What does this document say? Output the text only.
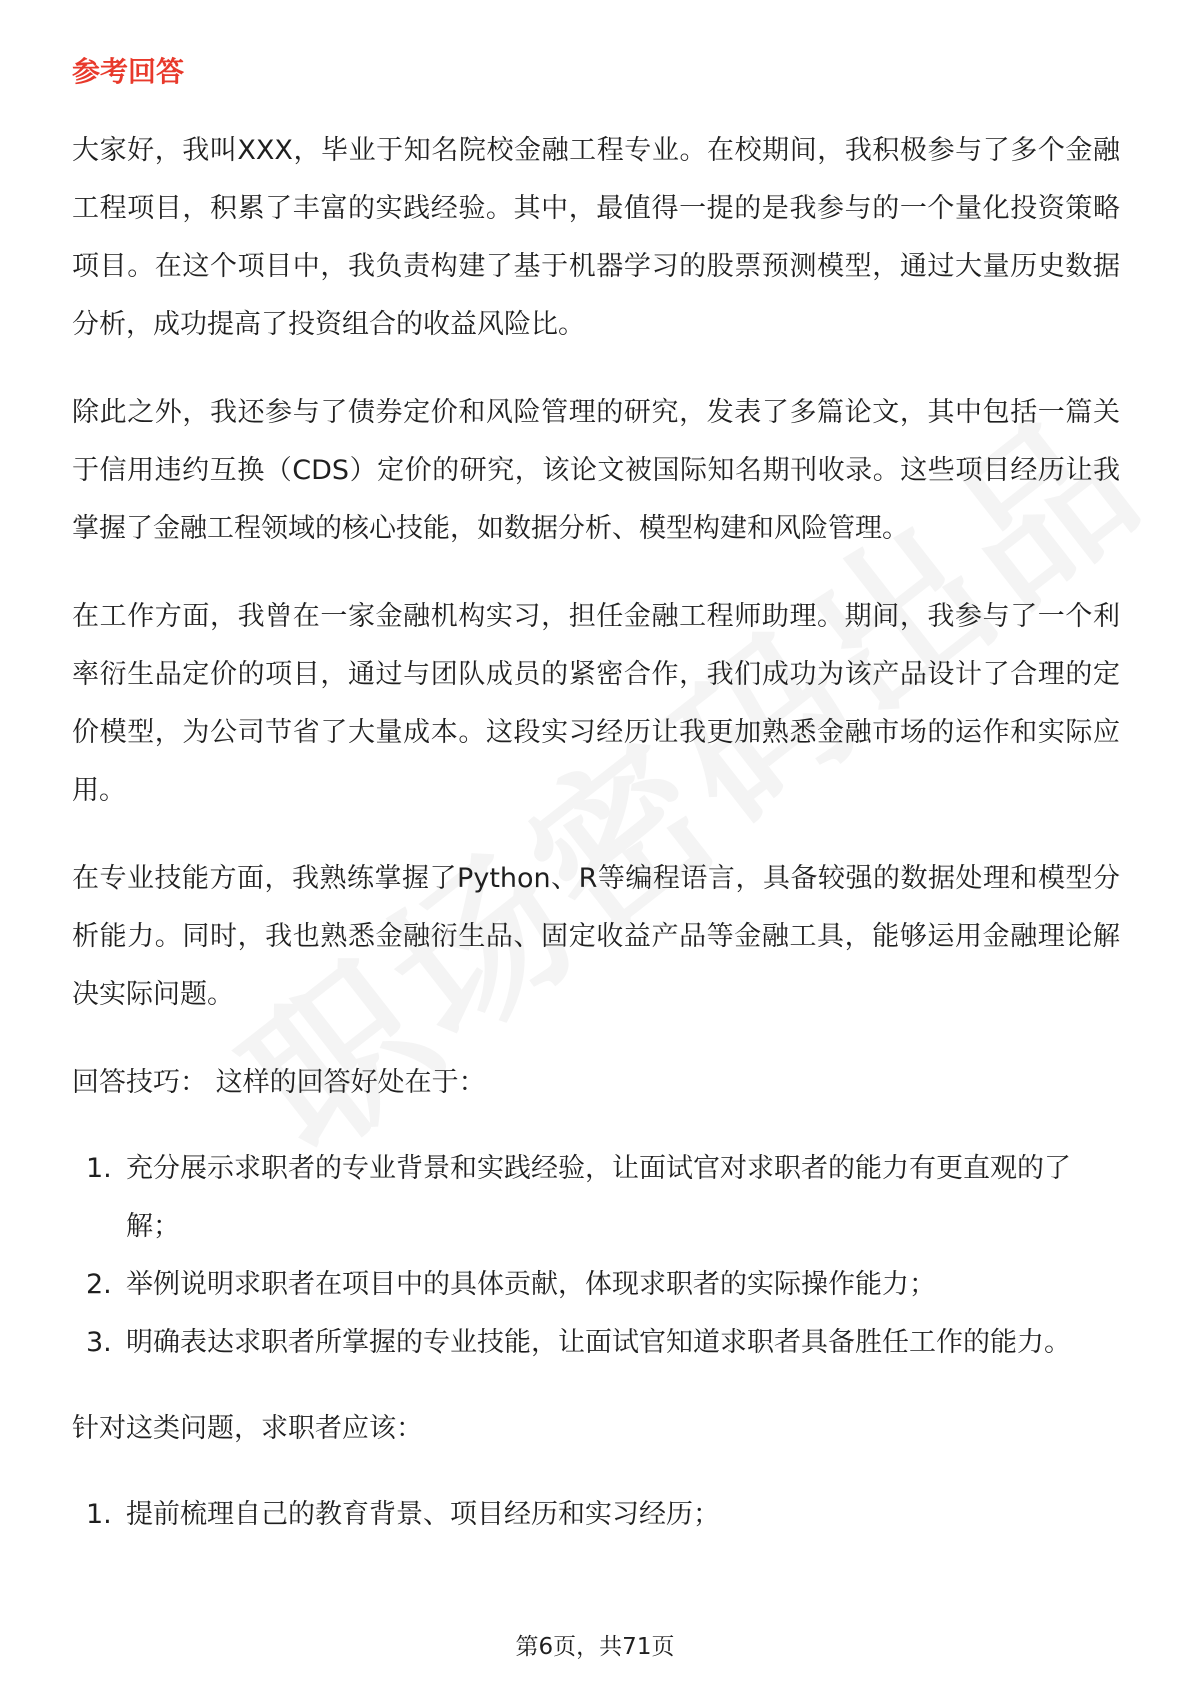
参考回答

大家好，我叫XXX，毕业于知名院校金融工程专业。在校期间，我积极参与了多个金融工程项目，积累了丰富的实践经验。其中，最值得一提的是我参与的一个量化投资策略项目。在这个项目中，我负责构建了基于机器学习的股票预测模型，通过大量历史数据分析，成功提高了投资组合的收益风险比。

除此之外，我还参与了债券定价和风险管理的研究，发表了多篇论文，其中包括一篇关于信用违约互换（CDS）定价的研究，该论文被国际知名期刊收录。这些项目经历让我掌握了金融工程领域的核心技能，如数据分析、模型构建和风险管理。

在工作方面，我曾在一家金融机构实习，担任金融工程师助理。期间，我参与了一个利率衍生品定价的项目，通过与团队成员的紧密合作，我们成功为该产品设计了合理的定价模型，为公司节省了大量成本。这段实习经历让我更加熟悉金融市场的运作和实际应用。

在专业技能方面，我熟练掌握了Python、R等编程语言，具备较强的数据处理和模型分析能力。同时，我也熟悉金融衍生品、固定收益产品等金融工具，能够运用金融理论解决实际问题。

回答技巧： 这样的回答好处在于：
1. 充分展示求职者的专业背景和实践经验，让面试官对求职者的能力有更直观的了解；
2. 举例说明求职者在项目中的具体贡献，体现求职者的实际操作能力；
3. 明确表达求职者所掌握的专业技能，让面试官知道求职者具备胜任工作的能力。
针对这类问题，求职者应该：
1. 提前梳理自己的教育背景、项目经历和实习经历；
第6页，共71页
